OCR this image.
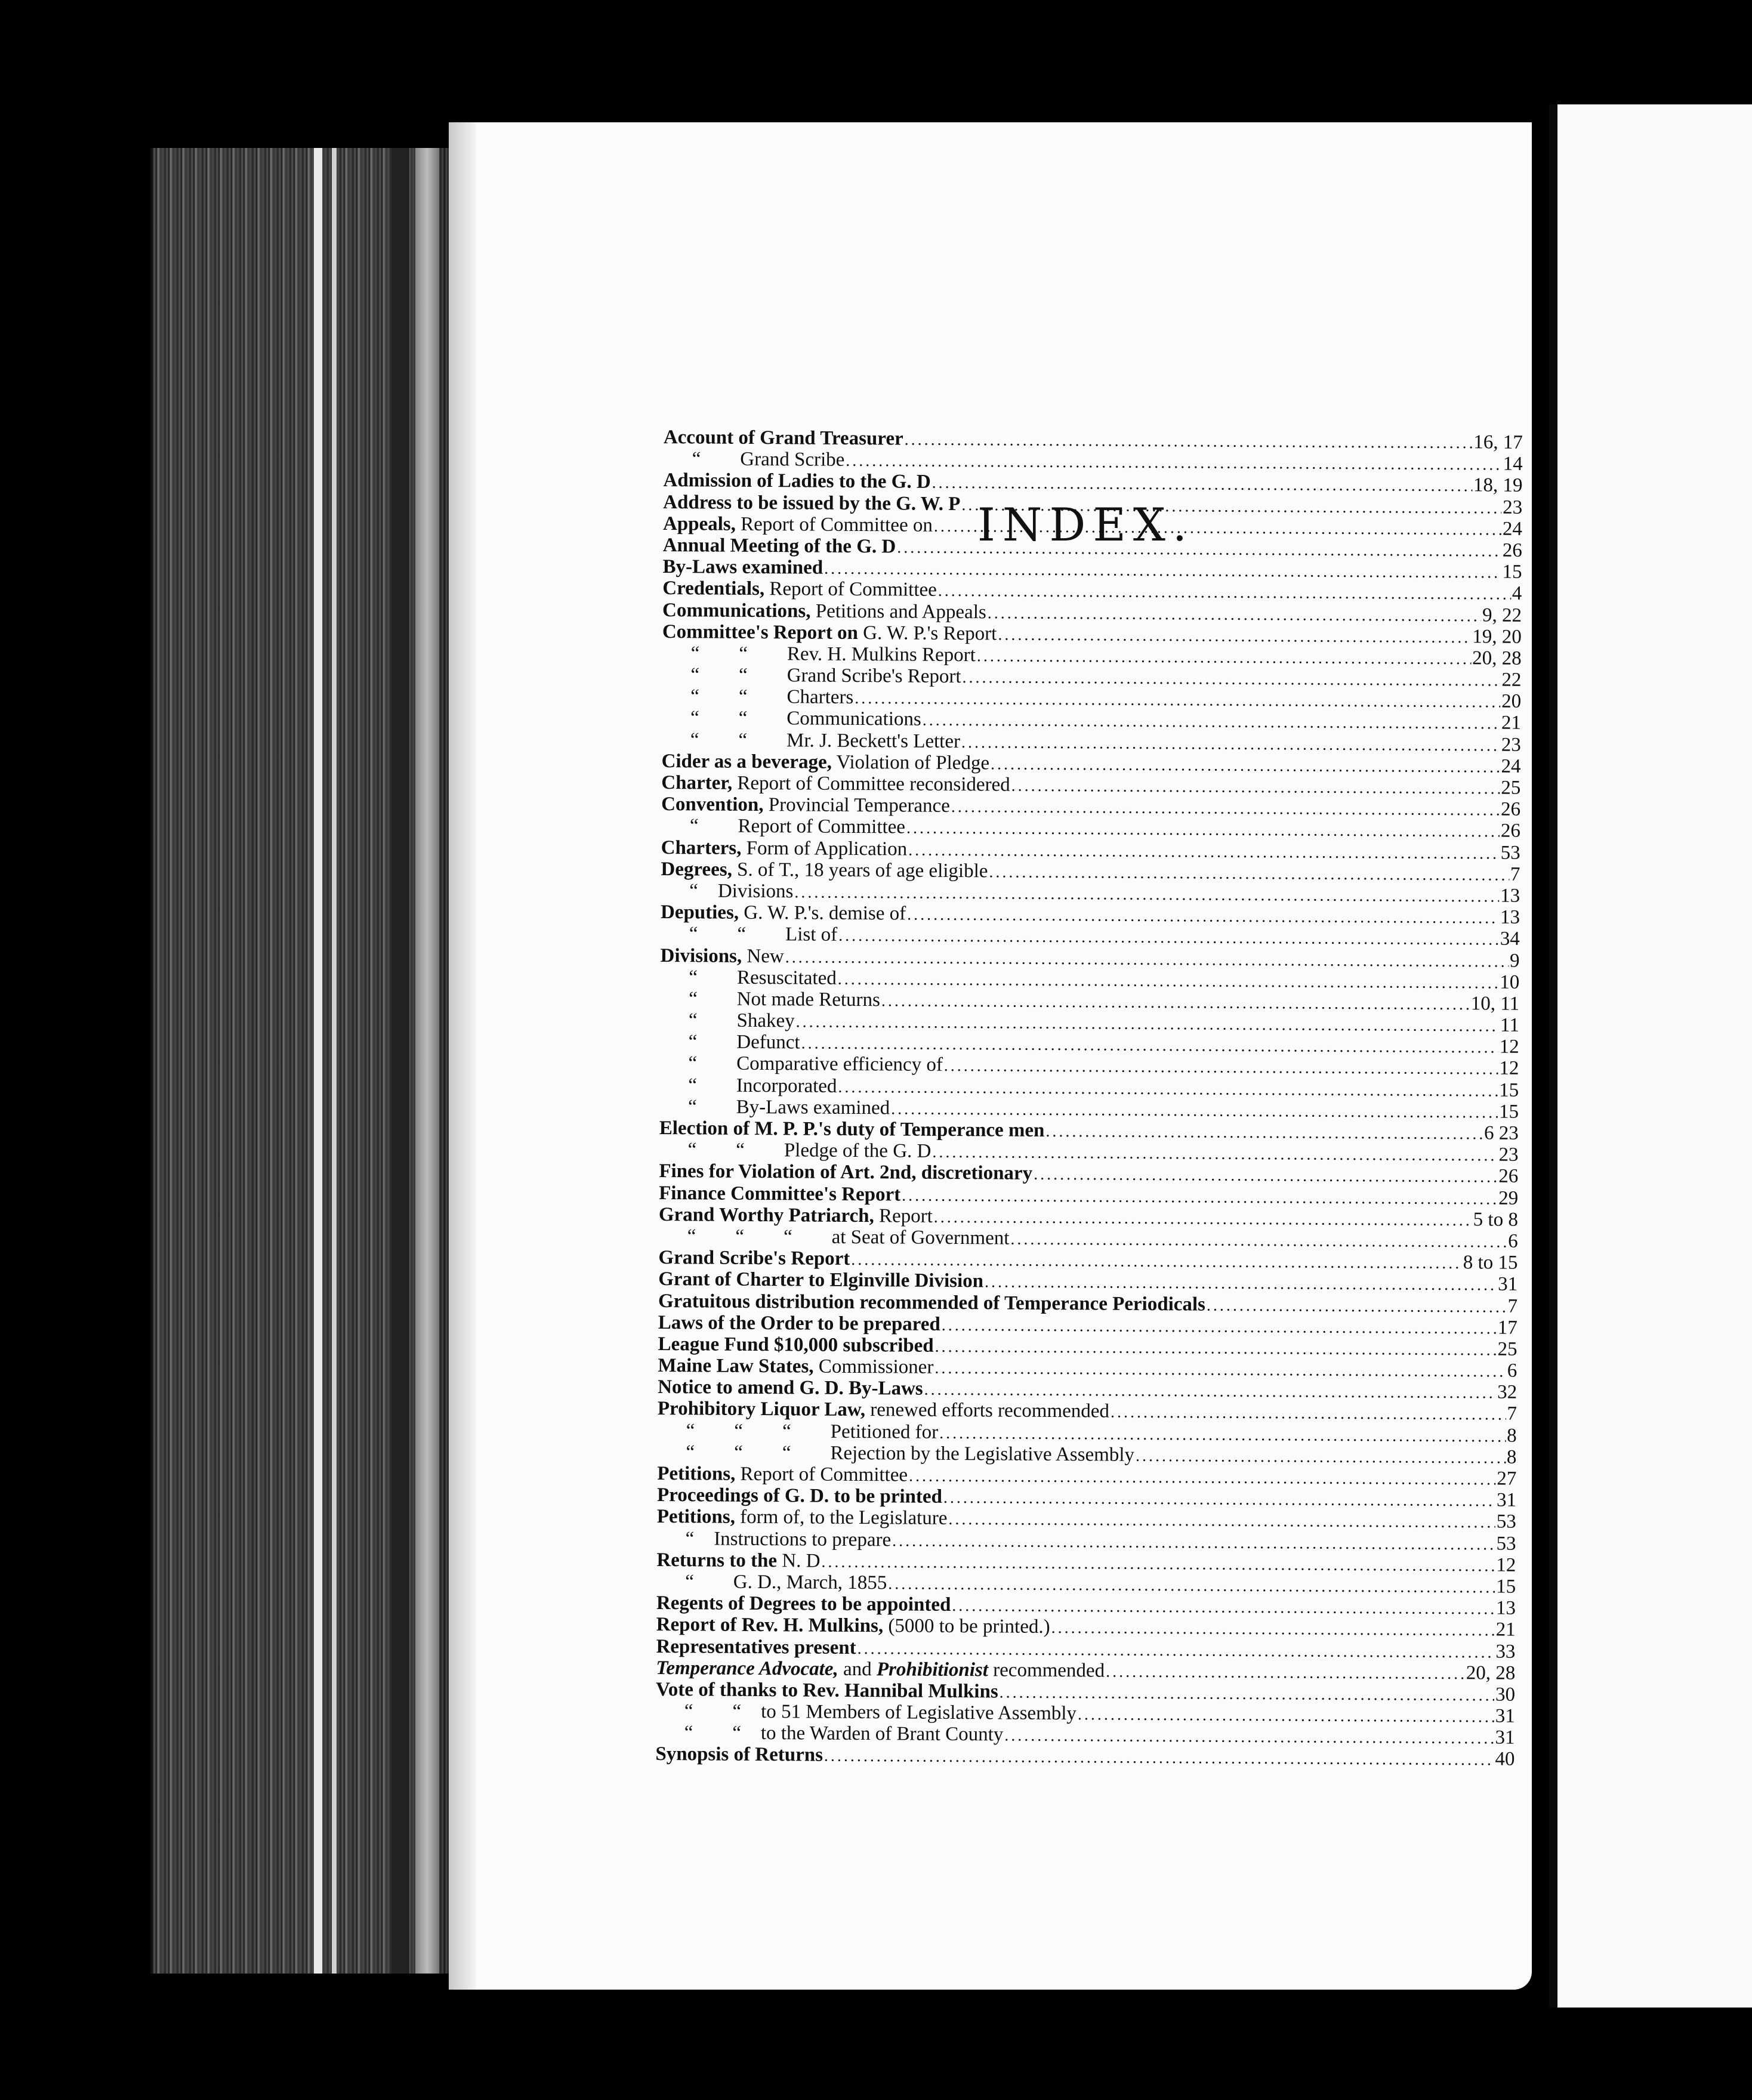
INDEX.
Account of Grand Treasurer .....	16, 17
“        Grand Scribe .....	14
Admission of Ladies to the G. D .....	18, 19
Address to be issued by the G. W. P .....	23
Appeals, Report of Committee on .....	24
Annual Meeting of the G. D .....	26
By-Laws examined .....	15
Credentials, Report of Committee .....	4
Communications, Petitions and Appeals .....	9, 22
Committee's Report on G. W. P.'s Report .....	19, 20
“        “        Rev. H. Mulkins Report .....	20, 28
“        “        Grand Scribe's Report .....	22
“        “        Charters .....	20
“        “        Communications .....	21
“        “        Mr. J. Beckett's Letter .....	23
Cider as a beverage, Violation of Pledge .....	24
Charter, Report of Committee reconsidered .....	25
Convention, Provincial Temperance .....	26
“        Report of Committee .....	26
Charters, Form of Application .....	53
Degrees, S. of T., 18 years of age eligible .....	7
“    Divisions .....	13
Deputies, G. W. P.'s. demise of .....	13
“        “        List of .....	34
Divisions, New .....	9
“        Resuscitated .....	10
“        Not made Returns .....	10, 11
“        Shakey .....	11
“        Defunct .....	12
“        Comparative efficiency of .....	12
“        Incorporated .....	15
“        By-Laws examined .....	15
Election of M. P. P.'s duty of Temperance men .....	6 23
“        “        Pledge of the G. D .....	23
Fines for Violation of Art. 2nd, discretionary .....	26
Finance Committee's Report .....	29
Grand Worthy Patriarch, Report .....	5 to 8
“        “        “        at Seat of Government .....	6
Grand Scribe's Report .....	8 to 15
Grant of Charter to Elginville Division .....	31
Gratuitous distribution recommended of Temperance Periodicals .....	7
Laws of the Order to be prepared .....	17
League Fund $10,000 subscribed .....	25
Maine Law States, Commissioner .....	6
Notice to amend G. D. By-Laws .....	32
Prohibitory Liquor Law, renewed efforts recommended .....	7
“        “        “        Petitioned for .....	8
“        “        “        Rejection by the Legislative Assembly .....	8
Petitions, Report of Committee .....	27
Proceedings of G. D. to be printed .....	31
Petitions, form of, to the Legislature .....	53
“    Instructions to prepare .....	53
Returns to the N. D .....	12
“        G. D., March, 1855 .....	15
Regents of Degrees to be appointed .....	13
Report of Rev. H. Mulkins, (5000 to be printed.) .....	21
Representatives present .....	33
Temperance Advocate, and Prohibitionist recommended .....	20, 28
Vote of thanks to Rev. Hannibal Mulkins .....	30
“        “    to 51 Members of Legislative Assembly .....	31
“        “    to the Warden of Brant County .....	31
Synopsis of Returns .....	40
